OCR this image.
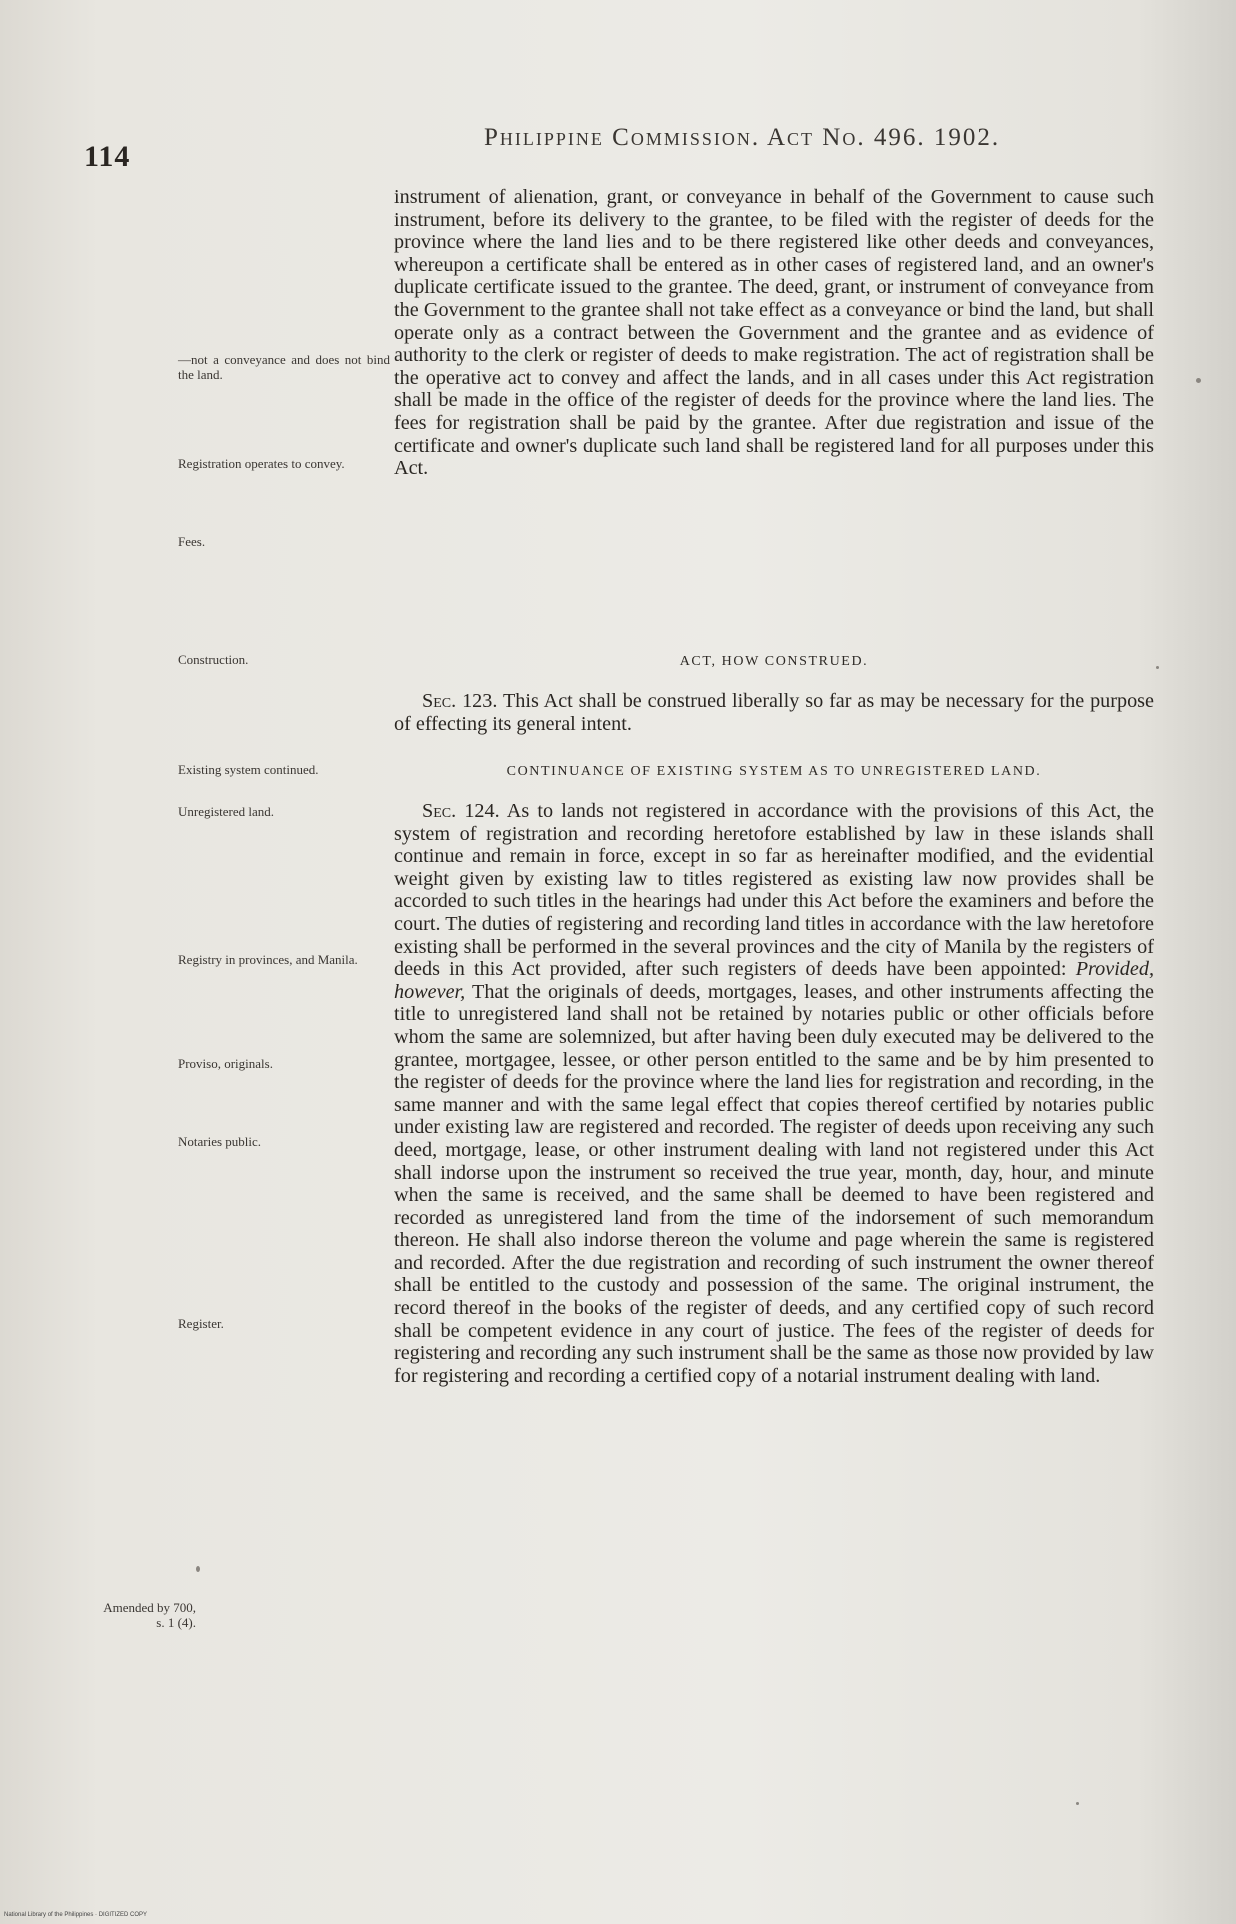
114
Philippine Commission. Act No. 496. 1902.
—not a conveyance and does not bind the land.
Registration operates to convey.
Fees.
Construction.
Existing system continued.
Unregistered land.
Registry in provinces, and Manila.
Proviso, originals.
Notaries public.
Register.
Amended by 700, s. 1 (4).
instrument of alienation, grant, or conveyance in behalf of the Government to cause such instrument, before its delivery to the grantee, to be filed with the register of deeds for the province where the land lies and to be there registered like other deeds and conveyances, whereupon a certificate shall be entered as in other cases of registered land, and an owner's duplicate certificate issued to the grantee. The deed, grant, or instrument of conveyance from the Government to the grantee shall not take effect as a conveyance or bind the land, but shall operate only as a contract between the Government and the grantee and as evidence of authority to the clerk or register of deeds to make registration. The act of registration shall be the operative act to convey and affect the lands, and in all cases under this Act registration shall be made in the office of the register of deeds for the province where the land lies. The fees for registration shall be paid by the grantee. After due registration and issue of the certificate and owner's duplicate such land shall be registered land for all purposes under this Act.
ACT, HOW CONSTRUED.
Sec. 123. This Act shall be construed liberally so far as may be necessary for the purpose of effecting its general intent.
CONTINUANCE OF EXISTING SYSTEM AS TO UNREGISTERED LAND.
Sec. 124. As to lands not registered in accordance with the provisions of this Act, the system of registration and recording heretofore established by law in these islands shall continue and remain in force, except in so far as hereinafter modified, and the evidential weight given by existing law to titles registered as existing law now provides shall be accorded to such titles in the hearings had under this Act before the examiners and before the court. The duties of registering and recording land titles in accordance with the law heretofore existing shall be performed in the several provinces and the city of Manila by the registers of deeds in this Act provided, after such registers of deeds have been appointed: Provided, however, That the originals of deeds, mortgages, leases, and other instruments affecting the title to unregistered land shall not be retained by notaries public or other officials before whom the same are solemnized, but after having been duly executed may be delivered to the grantee, mortgagee, lessee, or other person entitled to the same and be by him presented to the register of deeds for the province where the land lies for registration and recording, in the same manner and with the same legal effect that copies thereof certified by notaries public under existing law are registered and recorded. The register of deeds upon receiving any such deed, mortgage, lease, or other instrument dealing with land not registered under this Act shall indorse upon the instrument so received the true year, month, day, hour, and minute when the same is received, and the same shall be deemed to have been registered and recorded as unregistered land from the time of the indorsement of such memorandum thereon. He shall also indorse thereon the volume and page wherein the same is registered and recorded. After the due registration and recording of such instrument the owner thereof shall be entitled to the custody and possession of the same. The original instrument, the record thereof in the books of the register of deeds, and any certified copy of such record shall be competent evidence in any court of justice. The fees of the register of deeds for registering and recording any such instrument shall be the same as those now provided by law for registering and recording a certified copy of a notarial instrument dealing with land.
National Library of the Philippines · DIGITIZED COPY
